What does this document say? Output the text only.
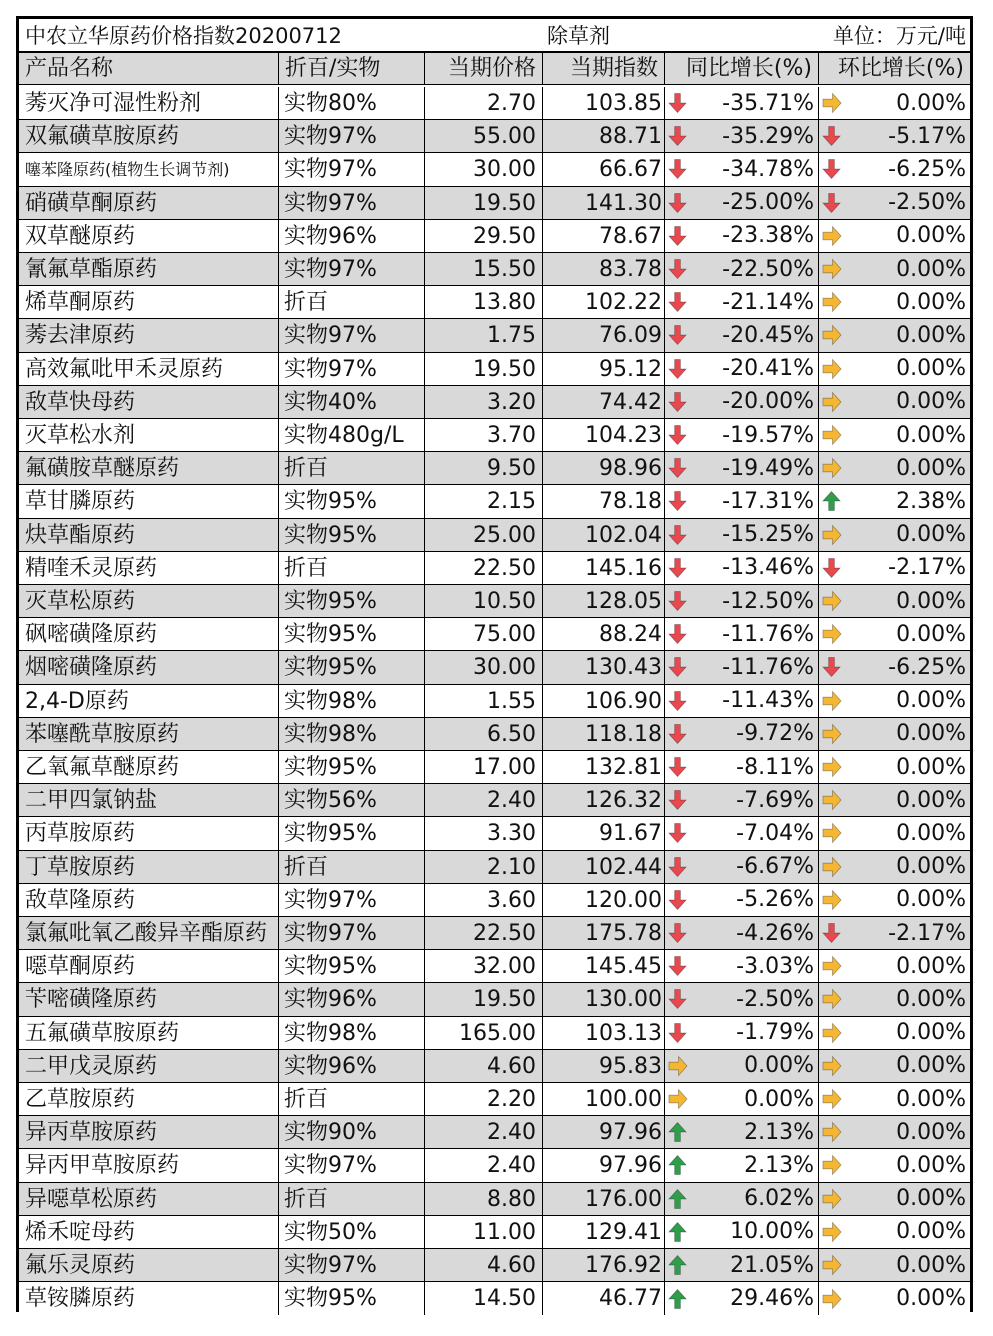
中农立华原药价格指数20200712	除草剂	单位：万元/吨
产品名称	折百/实物	当期价格	当期指数	同比增长(%)	环比增长(%)
莠灭净可湿性粉剂	实物80%	2.70	103.85	-35.71%	0.00%
双氟磺草胺原药	实物97%	55.00	88.71	-35.29%	-5.17%
噻苯隆原药(植物生长调节剂)	实物97%	30.00	66.67	-34.78%	-6.25%
硝磺草酮原药	实物97%	19.50	141.30	-25.00%	-2.50%
双草醚原药	实物96%	29.50	78.67	-23.38%	0.00%
氰氟草酯原药	实物97%	15.50	83.78	-22.50%	0.00%
烯草酮原药	折百	13.80	102.22	-21.14%	0.00%
莠去津原药	实物97%	1.75	76.09	-20.45%	0.00%
高效氟吡甲禾灵原药	实物97%	19.50	95.12	-20.41%	0.00%
敌草快母药	实物40%	3.20	74.42	-20.00%	0.00%
灭草松水剂	实物480g/L	3.70	104.23	-19.57%	0.00%
氟磺胺草醚原药	折百	9.50	98.96	-19.49%	0.00%
草甘膦原药	实物95%	2.15	78.18	-17.31%	2.38%
炔草酯原药	实物95%	25.00	102.04	-15.25%	0.00%
精喹禾灵原药	折百	22.50	145.16	-13.46%	-2.17%
灭草松原药	实物95%	10.50	128.05	-12.50%	0.00%
砜嘧磺隆原药	实物95%	75.00	88.24	-11.76%	0.00%
烟嘧磺隆原药	实物95%	30.00	130.43	-11.76%	-6.25%
2,4-D原药	实物98%	1.55	106.90	-11.43%	0.00%
苯噻酰草胺原药	实物98%	6.50	118.18	-9.72%	0.00%
乙氧氟草醚原药	实物95%	17.00	132.81	-8.11%	0.00%
二甲四氯钠盐	实物56%	2.40	126.32	-7.69%	0.00%
丙草胺原药	实物95%	3.30	91.67	-7.04%	0.00%
丁草胺原药	折百	2.10	102.44	-6.67%	0.00%
敌草隆原药	实物97%	3.60	120.00	-5.26%	0.00%
氯氟吡氧乙酸异辛酯原药 实物97%	22.50	175.78	-4.26%	-2.17%
噁草酮原药	实物95%	32.00	145.45	-3.03%	0.00%
苄嘧磺隆原药	实物96%	19.50	130.00	-2.50%	0.00%
五氟磺草胺原药	实物98%	165.00	103.13	-1.79%	0.00%
二甲戊灵原药	实物96%	4.60	95.83	0.00%	0.00%
乙草胺原药	折百	2.20	100.00	0.00%	0.00%
异丙草胺原药	实物90%	2.40	97.96	2.13%	0.00%
异丙甲草胺原药	实物97%	2.40	97.96	2.13%	0.00%
异噁草松原药	折百	8.80	176.00	6.02%	0.00%
烯禾啶母药	实物50%	11.00	129.41	10.00%	0.00%
氟乐灵原药	实物97%	4.60	176.92	21.05%	0.00%
草铵膦原药	实物95%	14.50	46.77	29.46%	0.00%
